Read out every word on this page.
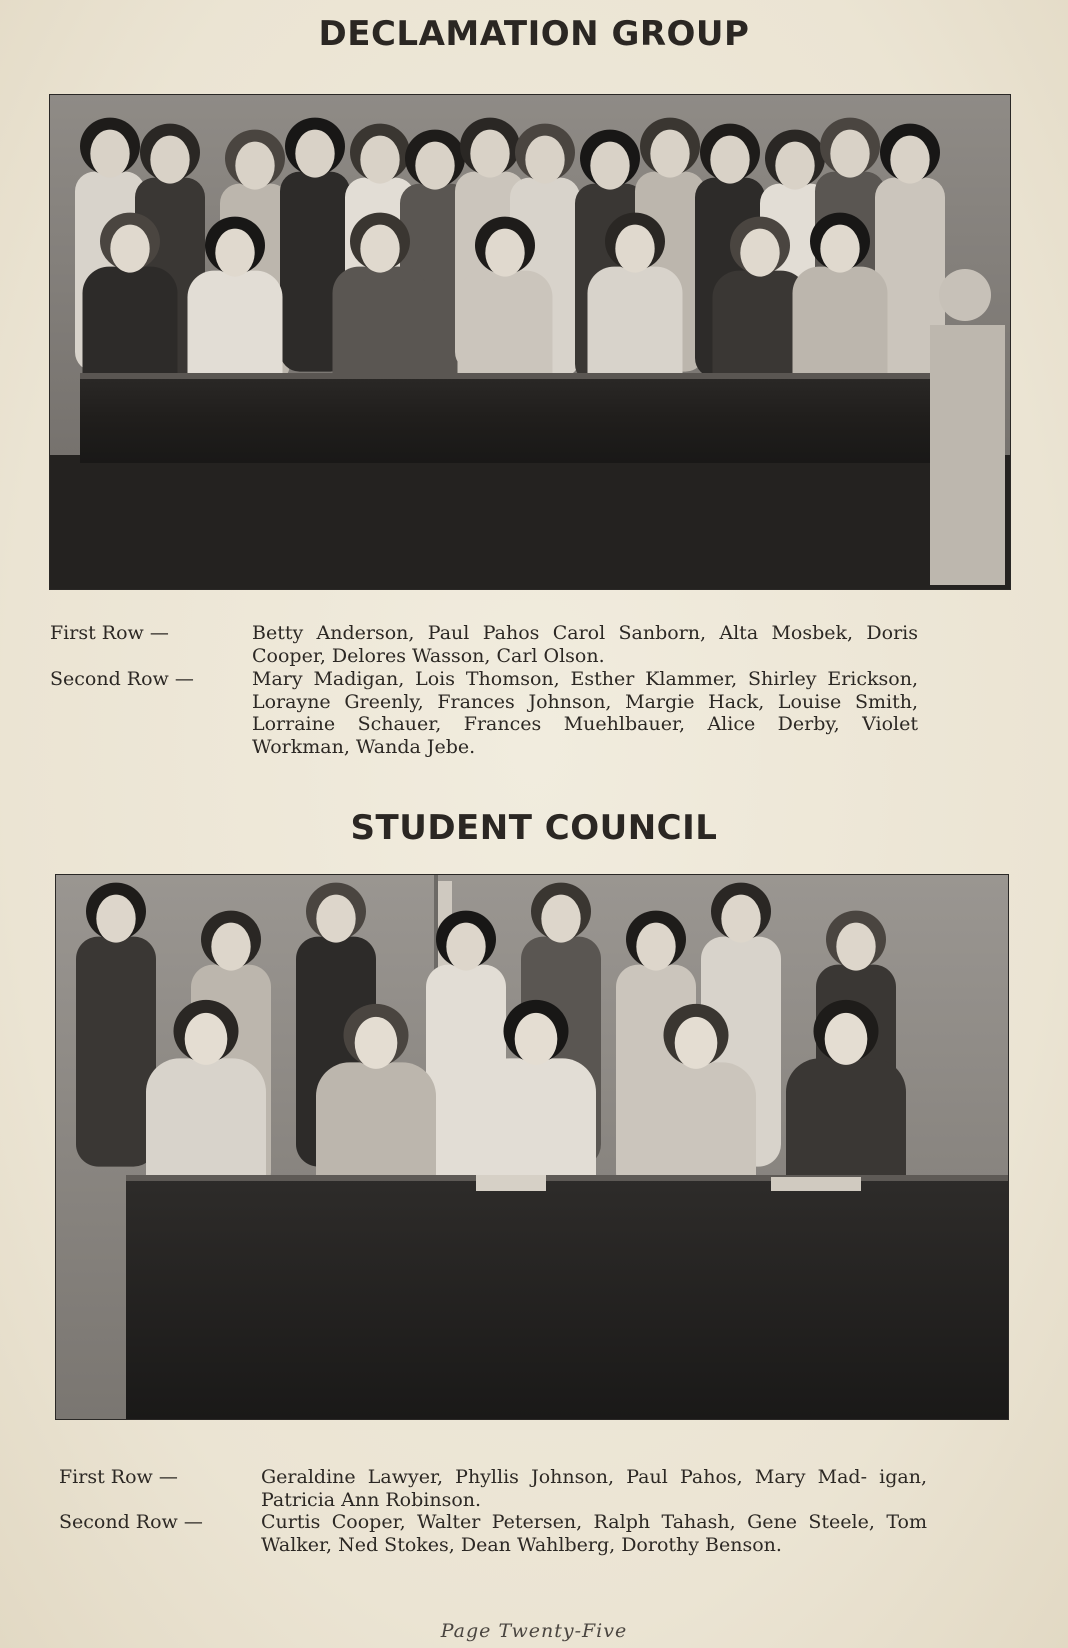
DECLAMATION GROUP
First Row —	Betty Anderson, Paul Pahos Carol Sanborn, Alta Mosbek, Doris Cooper, Delores Wasson, Carl Olson.
Second Row —	Mary Madigan, Lois Thomson, Esther Klammer, Shirley Erickson, Lorayne Greenly, Frances Johnson, Margie Hack, Louise Smith, Lorraine Schauer, Frances Muehlbauer, Alice Derby, Violet Workman, Wanda Jebe.
STUDENT COUNCIL
First Row —	Geraldine Lawyer, Phyllis Johnson, Paul Pahos, Mary Mad- igan, Patricia Ann Robinson.
Second Row —	Curtis Cooper, Walter Petersen, Ralph Tahash, Gene Steele, Tom Walker, Ned Stokes, Dean Wahlberg, Dorothy Benson.
Page Twenty-Five
